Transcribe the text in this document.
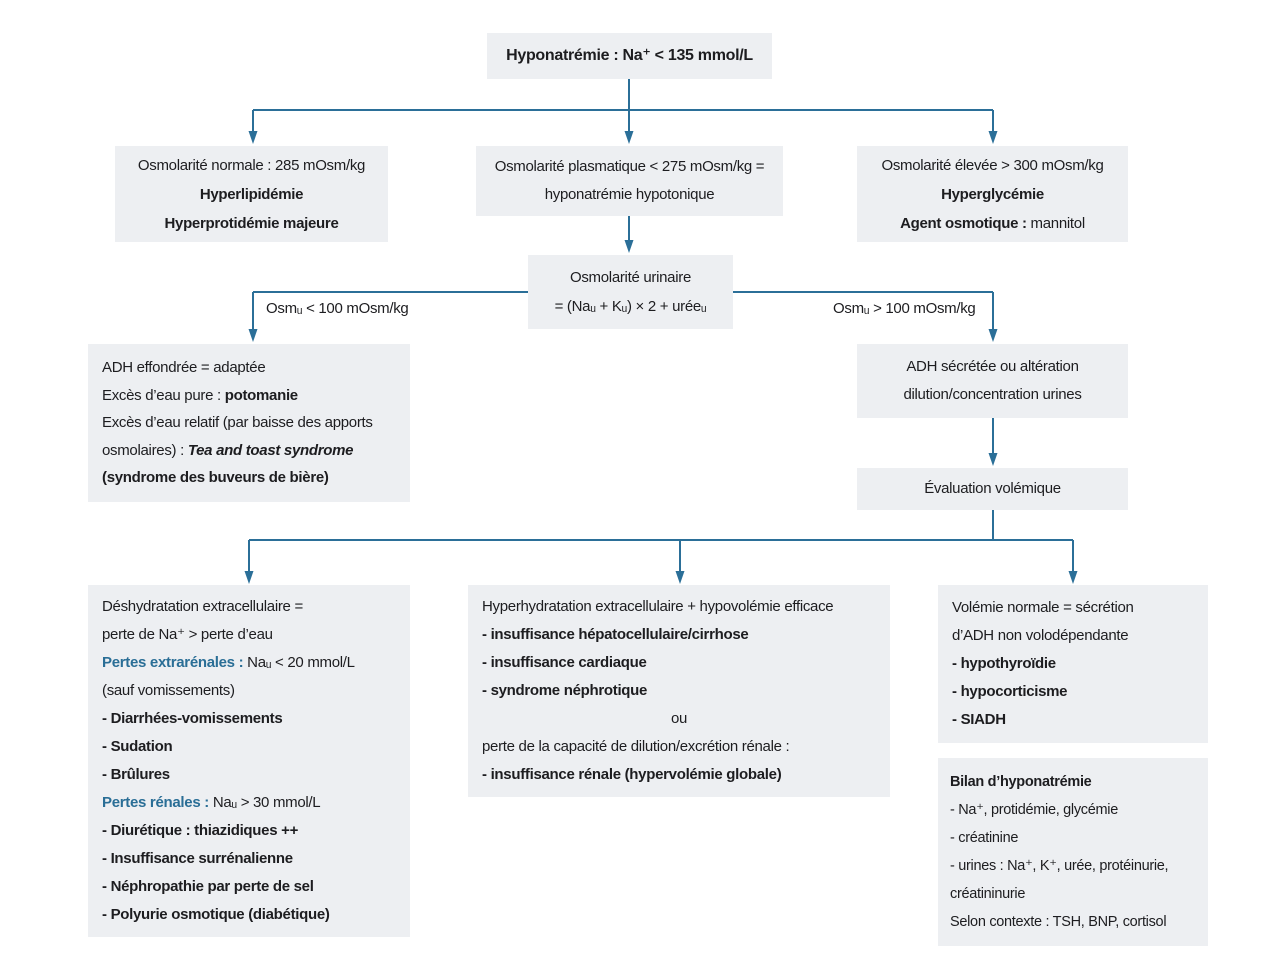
Hyponatrémie : Na⁺ < 135 mmol/L
Osmolarité normale : 285 mOsm/kg
Hyperlipidémie
Hyperprotidémie majeure
Osmolarité plasmatique < 275 mOsm/kg =
hyponatrémie hypotonique
Osmolarité élevée > 300 mOsm/kg
Hyperglycémie
Agent osmotique : mannitol
Osmolarité urinaire
= (Naᵤ + Kᵤ) × 2 + uréeᵤ
Osmᵤ < 100 mOsm/kg	Osmᵤ > 100 mOsm/kg
ADH effondrée = adaptée
Excès d’eau pure : potomanie
Excès d’eau relatif (par baisse des apports
osmolaires) : Tea and toast syndrome
(syndrome des buveurs de bière)
ADH sécrétée ou altération
dilution/concentration urines
Évaluation volémique
Déshydratation extracellulaire =
perte de Na⁺ > perte d’eau
Pertes extrarénales : Naᵤ < 20 mmol/L
(sauf vomissements)
- Diarrhées-vomissements
- Sudation
- Brûlures
Pertes rénales : Naᵤ > 30 mmol/L
- Diurétique : thiazidiques ++
- Insuffisance surrénalienne
- Néphropathie par perte de sel
- Polyurie osmotique (diabétique)
Hyperhydratation extracellulaire + hypovolémie efficace
- insuffisance hépatocellulaire/cirrhose
- insuffisance cardiaque
- syndrome néphrotique
ou
perte de la capacité de dilution/excrétion rénale :
- insuffisance rénale (hypervolémie globale)
Volémie normale = sécrétion
d’ADH non volodépendante
- hypothyroïdie
- hypocorticisme
- SIADH
Bilan d’hyponatrémie
- Na⁺, protidémie, glycémie
- créatinine
- urines : Na⁺, K⁺, urée, protéinurie,
créatininurie
Selon contexte : TSH, BNP, cortisol
